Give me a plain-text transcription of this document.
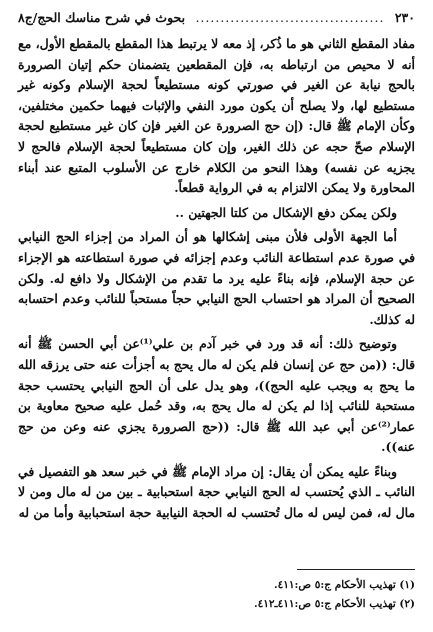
٢٣٠
......................................
بحوث في شرح مناسك الحج/ج٨

مفاد المقطع الثاني هو ما ذُكر، إذ معه لا يرتبط هذا المقطع بالمقطع الأول، مع أنه لا محيص من ارتباطه به، فإن المقطعين يتضمنان حكم إتيان الصرورة بالحج نيابة عن الغير في صورتي كونه مستطيعاً لحجة الإسلام وكونه غير مستطيع لها، ولا يصلح أن يكون مورد النفي والإثبات فيهما حكمين مختلفين، وكأن الإمام ﷺ قال: (إن حج الصرورة عن الغير فإن كان غير مستطيع لحجة الإسلام صحّ حجه عن ذلك الغير، وإن كان مستطيعاً لحجة الإسلام فالحج لا يجزيه عن نفسه) وهذا النحو من الكلام خارج عن الأسلوب المتبع عند أبناء المحاورة ولا يمكن الالتزام به في الرواية قطعاً.

ولكن يمكن دفع الإشكال من كلتا الجهتين ..

أما الجهة الأولى فلأن مبنى إشكالها هو أن المراد من إجزاء الحج النيابي في صورة عدم استطاعة النائب وعدم إجزائه في صورة استطاعته هو الإجزاء عن حجة الإسلام، فإنه بناءً عليه يرد ما تقدم من الإشكال ولا دافع له. ولكن الصحيح أن المراد هو احتساب الحج النيابي حجاً مستحباً للنائب وعدم احتسابه له كذلك.

وتوضيح ذلك: أنه قد ورد في خبر آدم بن علي⁽¹⁾عن أبي الحسن ﷺ أنه قال: ((من حج عن إنسان فلم يكن له مال يحج به أجزأت عنه حتى يرزقه الله ما يحج به ويجب عليه الحج))، وهو يدل على أن الحج النيابي يحتسب حجة مستحبة للنائب إذا لم يكن له مال يحج به، وقد حُمل عليه صحيح معاوية بن عمار⁽²⁾عن أبي عبد الله ﷺ قال: ((حج الصرورة يجزي عنه وعن من حج عنه)).

وبناءً عليه يمكن أن يقال: إن مراد الإمام ﷺ في خبر سعد هو التفصيل في النائب ـ الذي يُحتسب له الحج النيابي حجة استحبابية ـ بين من له مال ومن لا مال له، فمن ليس له مال تُحتسب له الحجة النيابية حجة استحبابية وأما من له

(١) تهذيب الأحكام ج:٥ ص:٤١١.

(٢) تهذيب الأحكام ج:٥ ص:٤١١ـ٤١٢.
